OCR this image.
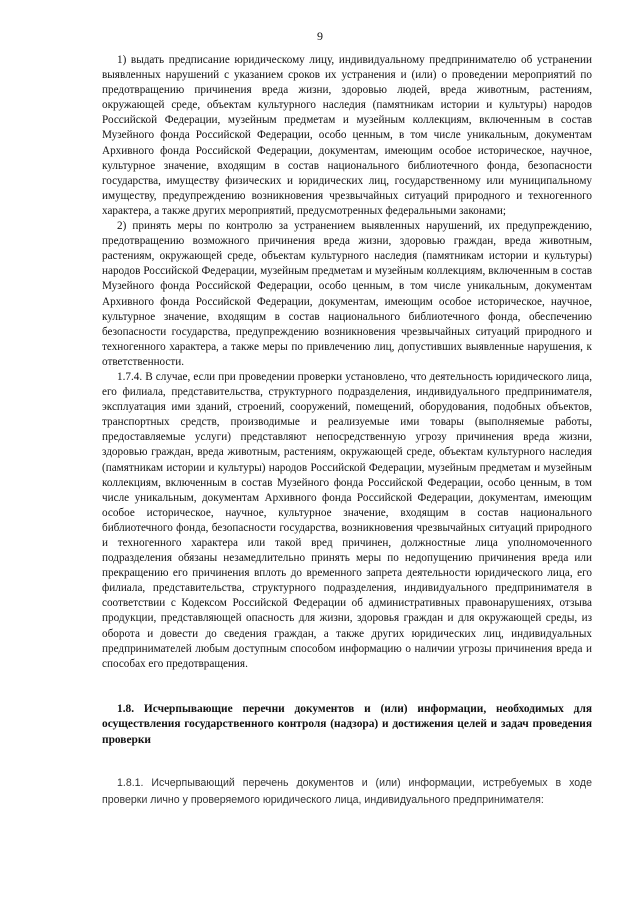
9

1) выдать предписание юридическому лицу, индивидуальному предпринимателю об устранении выявленных нарушений с указанием сроков их устранения и (или) о проведении мероприятий по предотвращению причинения вреда жизни, здоровью людей, вреда животным, растениям, окружающей среде, объектам культурного наследия (памятникам истории и культуры) народов Российской Федерации, музейным предметам и музейным коллекциям, включенным в состав Музейного фонда Российской Федерации, особо ценным, в том числе уникальным, документам Архивного фонда Российской Федерации, документам, имеющим особое историческое, научное, культурное значение, входящим в состав национального библиотечного фонда, безопасности государства, имуществу физических и юридических лиц, государственному или муниципальному имуществу, предупреждению возникновения чрезвычайных ситуаций природного и техногенного характера, а также других мероприятий, предусмотренных федеральными законами;

2) принять меры по контролю за устранением выявленных нарушений, их предупреждению, предотвращению возможного причинения вреда жизни, здоровью граждан, вреда животным, растениям, окружающей среде, объектам культурного наследия (памятникам истории и культуры) народов Российской Федерации, музейным предметам и музейным коллекциям, включенным в состав Музейного фонда Российской Федерации, особо ценным, в том числе уникальным, документам Архивного фонда Российской Федерации, документам, имеющим особое историческое, научное, культурное значение, входящим в состав национального библиотечного фонда, обеспечению безопасности государства, предупреждению возникновения чрезвычайных ситуаций природного и техногенного характера, а также меры по привлечению лиц, допустивших выявленные нарушения, к ответственности.

1.7.4. В случае, если при проведении проверки установлено, что деятельность юридического лица, его филиала, представительства, структурного подразделения, индивидуального предпринимателя, эксплуатация ими зданий, строений, сооружений, помещений, оборудования, подобных объектов, транспортных средств, производимые и реализуемые ими товары (выполняемые работы, предоставляемые услуги) представляют непосредственную угрозу причинения вреда жизни, здоровью граждан, вреда животным, растениям, окружающей среде, объектам культурного наследия (памятникам истории и культуры) народов Российской Федерации, музейным предметам и музейным коллекциям, включенным в состав Музейного фонда Российской Федерации, особо ценным, в том числе уникальным, документам Архивного фонда Российской Федерации, документам, имеющим особое историческое, научное, культурное значение, входящим в состав национального библиотечного фонда, безопасности государства, возникновения чрезвычайных ситуаций природного и техногенного характера или такой вред причинен, должностные лица уполномоченного подразделения обязаны незамедлительно принять меры по недопущению причинения вреда или прекращению его причинения вплоть до временного запрета деятельности юридического лица, его филиала, представительства, структурного подразделения, индивидуального предпринимателя в соответствии с Кодексом Российской Федерации об административных правонарушениях, отзыва продукции, представляющей опасность для жизни, здоровья граждан и для окружающей среды, из оборота и довести до сведения граждан, а также других юридических лиц, индивидуальных предпринимателей любым доступным способом информацию о наличии угрозы причинения вреда и способах его предотвращения.

1.8. Исчерпывающие перечни документов и (или) информации, необходимых для осуществления государственного контроля (надзора) и достижения целей и задач проведения проверки

1.8.1. Исчерпывающий перечень документов и (или) информации, истребуемых в ходе проверки лично у проверяемого юридического лица, индивидуального предпринимателя:
